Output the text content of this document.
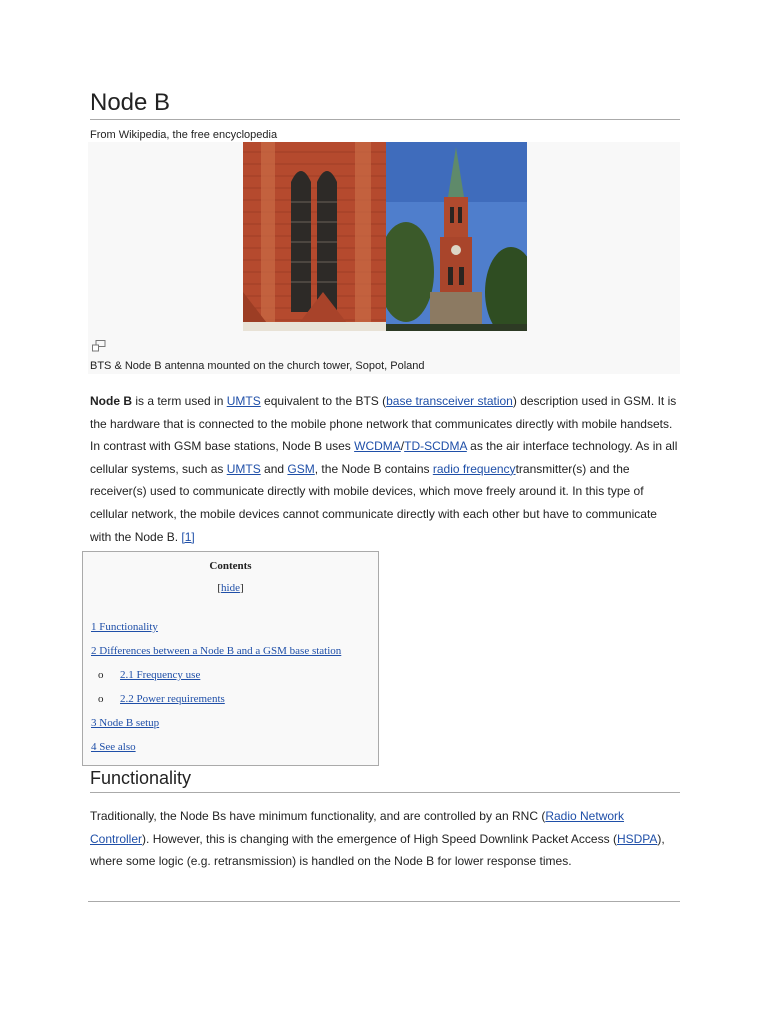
Node B
From Wikipedia, the free encyclopedia
BTS & Node B antenna mounted on the church tower, Sopot, Poland

Node B is a term used in UMTS equivalent to the BTS (base transceiver station) description used in GSM. It is the hardware that is connected to the mobile phone network that communicates directly with mobile handsets. In contrast with GSM base stations, Node B uses WCDMA/TD-SCDMA as the air interface technology. As in all cellular systems, such as UMTS and GSM, the Node B contains radio frequencytransmitter(s) and the receiver(s) used to communicate directly with mobile devices, which move freely around it. In this type of cellular network, the mobile devices cannot communicate directly with each other but have to communicate with the Node B. [1]

Contents
[hide]
1 Functionality
2 Differences between a Node B and a GSM base station
o 2.1 Frequency use
o 2.2 Power requirements
3 Node B setup
4 See also
Functionality

Traditionally, the Node Bs have minimum functionality, and are controlled by an RNC (Radio Network Controller). However, this is changing with the emergence of High Speed Downlink Packet Access (HSDPA), where some logic (e.g. retransmission) is handled on the Node B for lower response times.
